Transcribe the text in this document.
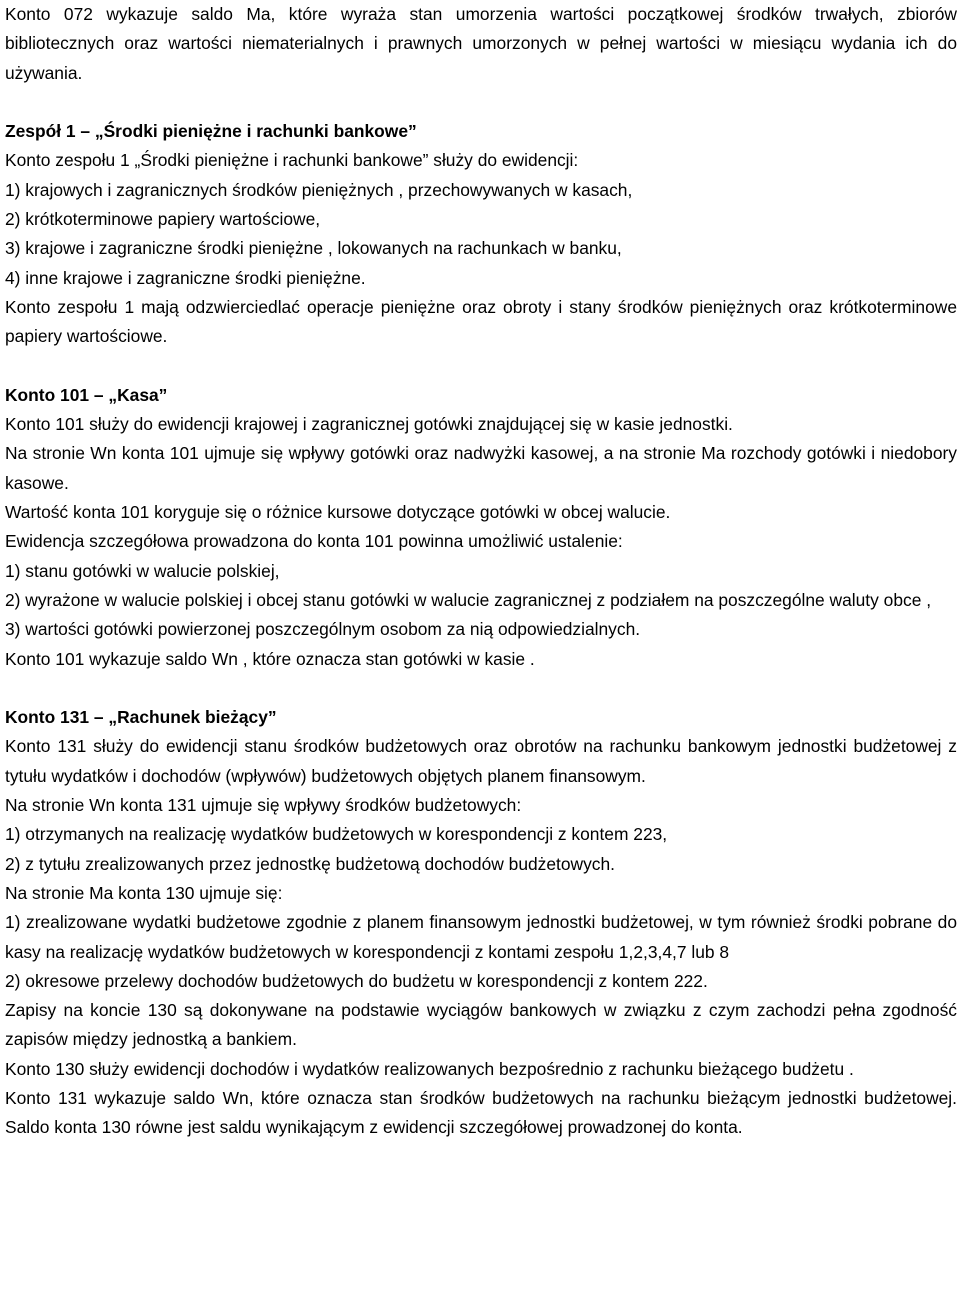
Konto 072 wykazuje saldo Ma, które wyraża stan umorzenia wartości początkowej środków trwałych, zbiorów bibliotecznych oraz wartości niematerialnych i prawnych umorzonych w pełnej wartości w miesiącu wydania ich do używania.

Zespół 1 – „Środki pieniężne i rachunki bankowe”

Konto zespołu 1 „Środki pieniężne i rachunki bankowe” służy do ewidencji:

1) krajowych i zagranicznych środków pieniężnych , przechowywanych w kasach,

2) krótkoterminowe papiery wartościowe,

3) krajowe i zagraniczne środki pieniężne , lokowanych na rachunkach w banku,

4) inne krajowe i zagraniczne środki pieniężne.

Konto zespołu 1 mają odzwierciedlać operacje pieniężne oraz obroty i stany środków pieniężnych oraz krótkoterminowe papiery wartościowe.

Konto 101 – „Kasa”

Konto 101 służy do ewidencji krajowej i zagranicznej gotówki znajdującej się w kasie jednostki.

Na stronie Wn konta 101 ujmuje się wpływy gotówki oraz nadwyżki kasowej, a na stronie Ma rozchody gotówki i niedobory kasowe.

Wartość konta 101 koryguje się o różnice kursowe dotyczące gotówki w obcej walucie.

Ewidencja szczegółowa prowadzona do konta 101 powinna umożliwić ustalenie:

1) stanu gotówki w walucie polskiej,

2) wyrażone w walucie polskiej i obcej stanu gotówki w walucie zagranicznej z podziałem na poszczególne waluty obce ,

3) wartości gotówki powierzonej poszczególnym osobom za nią odpowiedzialnych.

Konto 101 wykazuje saldo Wn , które oznacza stan gotówki w kasie .

Konto 131 – „Rachunek bieżący”

Konto 131 służy do ewidencji stanu środków budżetowych oraz obrotów na rachunku bankowym jednostki budżetowej z tytułu wydatków i dochodów (wpływów) budżetowych objętych planem finansowym.

Na stronie Wn konta 131 ujmuje się wpływy środków budżetowych:

1) otrzymanych na realizację wydatków budżetowych w korespondencji z kontem 223,

2) z tytułu zrealizowanych przez jednostkę budżetową dochodów budżetowych.

Na stronie Ma konta 130 ujmuje się:

1) zrealizowane wydatki budżetowe zgodnie z planem finansowym jednostki budżetowej, w tym również środki pobrane do kasy na realizację wydatków budżetowych w korespondencji z kontami zespołu 1,2,3,4,7 lub 8

2) okresowe przelewy dochodów budżetowych do budżetu w korespondencji z kontem 222.

Zapisy na koncie 130 są dokonywane na podstawie wyciągów bankowych w związku z czym zachodzi pełna zgodność zapisów między jednostką a bankiem.

Konto 130 służy ewidencji dochodów i wydatków realizowanych bezpośrednio z rachunku bieżącego budżetu .

Konto 131 wykazuje saldo Wn, które oznacza stan środków budżetowych na rachunku bieżącym jednostki budżetowej. Saldo konta 130 równe jest saldu wynikającym z ewidencji szczegółowej prowadzonej do konta.
